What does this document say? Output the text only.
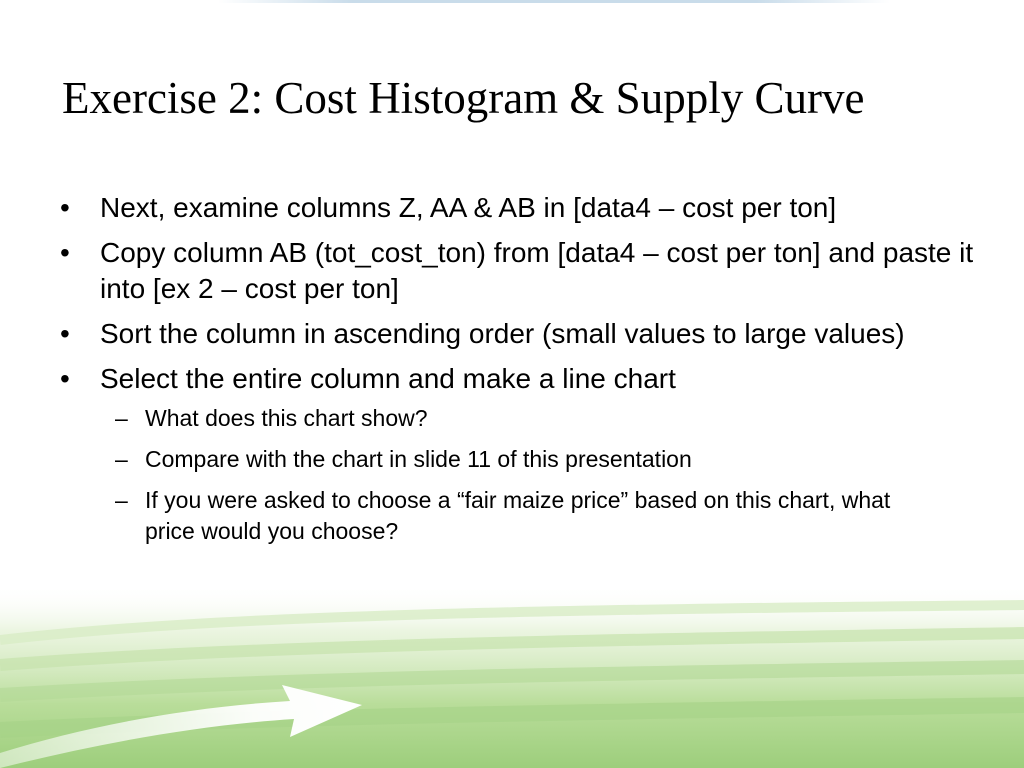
Exercise 2: Cost Histogram & Supply Curve
•	Next, examine columns Z, AA & AB in [data4 – cost per ton]
•	Copy column AB (tot_cost_ton) from [data4 – cost per ton] and paste it into [ex 2 – cost per ton]
•	Sort the column in ascending order (small values to large values)
•	Select the entire column and make a line chart
– What does this chart show?
– Compare with the chart in slide 11 of this presentation
– If you were asked to choose a “fair maize price” based on this chart, what price would you choose?
